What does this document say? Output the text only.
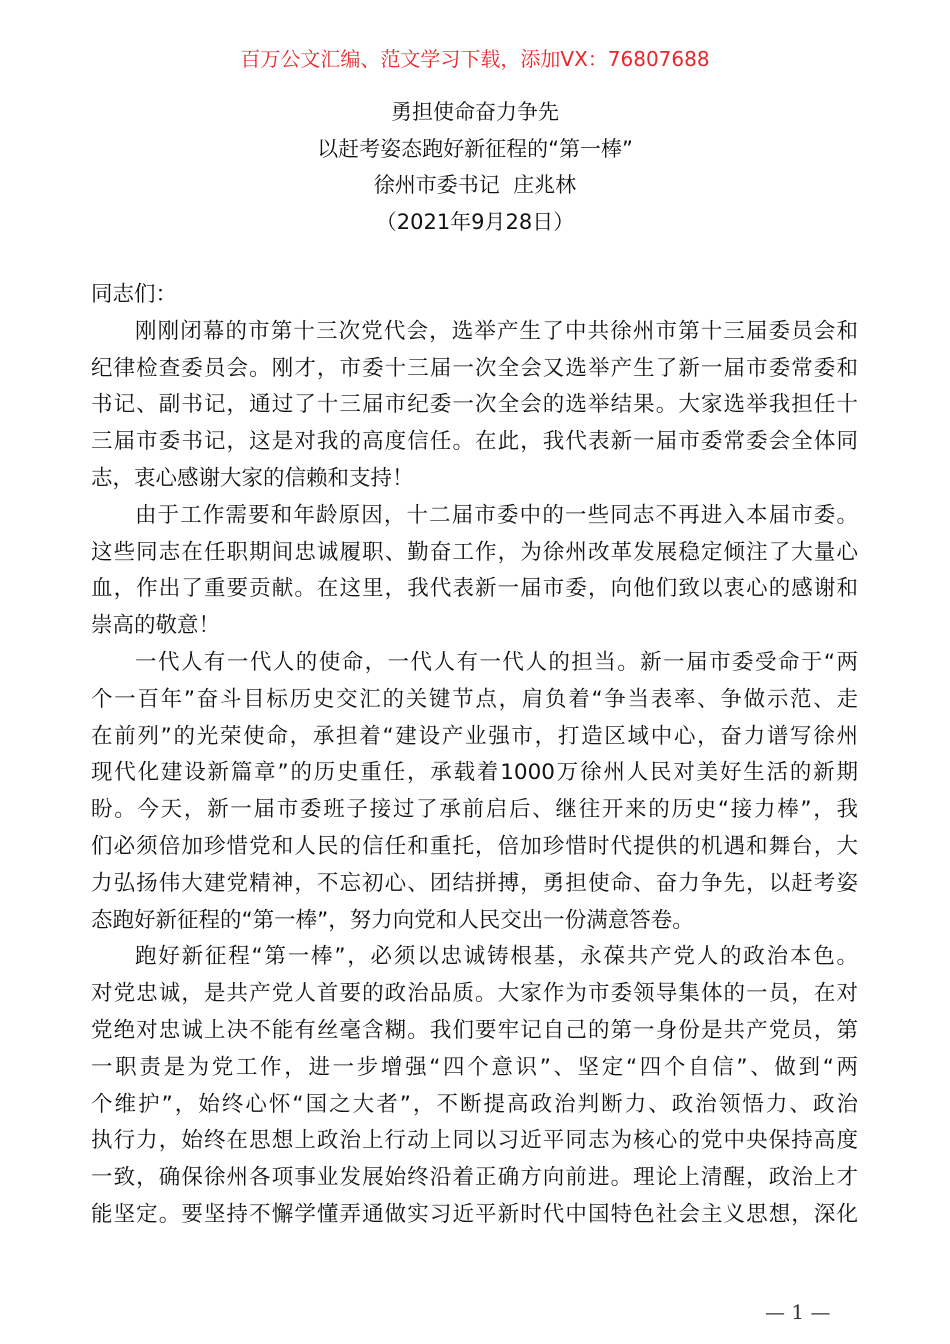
百万公文汇编、范文学习下载，添加VX：76807688
勇担使命奋力争先
以赶考姿态跑好新征程的“第一棒”
徐州市委书记  庄兆林
（2021年9月28日）
同志们：
刚刚闭幕的市第十三次党代会，选举产生了中共徐州市第十三届委员会和
纪律检查委员会。刚才，市委十三届一次全会又选举产生了新一届市委常委和
书记、副书记，通过了十三届市纪委一次全会的选举结果。大家选举我担任十
三届市委书记，这是对我的高度信任。在此，我代表新一届市委常委会全体同
志，衷心感谢大家的信赖和支持！
由于工作需要和年龄原因，十二届市委中的一些同志不再进入本届市委。
这些同志在任职期间忠诚履职、勤奋工作，为徐州改革发展稳定倾注了大量心
血，作出了重要贡献。在这里，我代表新一届市委，向他们致以衷心的感谢和
崇高的敬意！
一代人有一代人的使命，一代人有一代人的担当。新一届市委受命于“两
个一百年”奋斗目标历史交汇的关键节点，肩负着“争当表率、争做示范、走
在前列”的光荣使命，承担着“建设产业强市，打造区域中心，奋力谱写徐州
现代化建设新篇章”的历史重任，承载着1000万徐州人民对美好生活的新期
盼。今天，新一届市委班子接过了承前启后、继往开来的历史“接力棒”，我
们必须倍加珍惜党和人民的信任和重托，倍加珍惜时代提供的机遇和舞台，大
力弘扬伟大建党精神，不忘初心、团结拼搏，勇担使命、奋力争先，以赶考姿
态跑好新征程的“第一棒”，努力向党和人民交出一份满意答卷。
跑好新征程“第一棒”，必须以忠诚铸根基，永葆共产党人的政治本色。
对党忠诚，是共产党人首要的政治品质。大家作为市委领导集体的一员，在对
党绝对忠诚上决不能有丝毫含糊。我们要牢记自己的第一身份是共产党员，第
一职责是为党工作，进一步增强“四个意识”、坚定“四个自信”、做到“两
个维护”，始终心怀“国之大者”，不断提高政治判断力、政治领悟力、政治
执行力，始终在思想上政治上行动上同以习近平同志为核心的党中央保持高度
一致，确保徐州各项事业发展始终沿着正确方向前进。理论上清醒，政治上才
能坚定。要坚持不懈学懂弄通做实习近平新时代中国特色社会主义思想，深化
— 1 —
